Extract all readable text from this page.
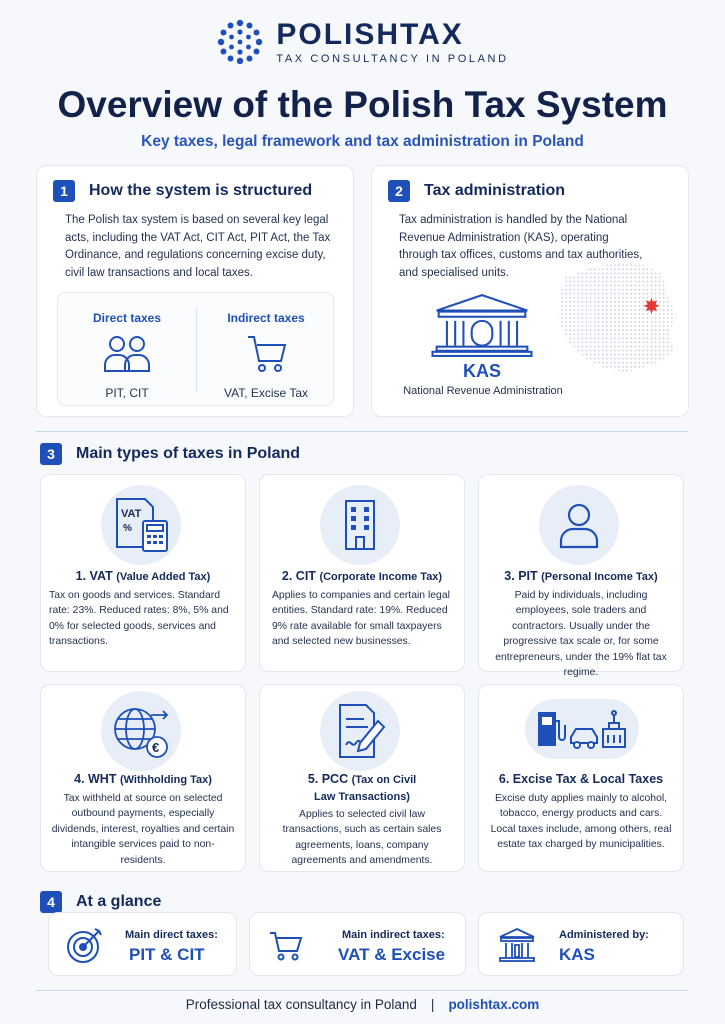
POLISHTAX
TAX CONSULTANCY IN POLAND
Overview of the Polish Tax System
Key taxes, legal framework and tax administration in Poland
1	How the system is structured
The Polish tax system is based on several key legal acts, including the VAT Act, CIT Act, PIT Act, the Tax Ordinance, and regulations concerning excise duty, civil law transactions and local taxes.
Direct taxes
PIT, CIT
Indirect taxes
VAT, Excise Tax
2	Tax administration
Tax administration is handled by the National Revenue Administration (KAS), operating through tax offices, customs and tax authorities, and specialised units.
KAS
National Revenue Administration
3	Main types of taxes in Poland
VAT
%
1. VAT (Value Added Tax)
Tax on goods and services. Standard rate: 23%. Reduced rates: 8%, 5% and 0% for selected goods, services and transactions.
2. CIT (Corporate Income Tax)
Applies to companies and certain legal entities. Standard rate: 19%. Reduced 9% rate available for small taxpayers and selected new businesses.
3. PIT (Personal Income Tax)
Paid by individuals, including employees, sole traders and contractors. Usually under the progressive tax scale or, for some entrepreneurs, under the 19% flat tax regime.
€
4. WHT (Withholding Tax)
Tax withheld at source on selected outbound payments, especially dividends, interest, royalties and certain intangible services paid to non-residents.
5. PCC (Tax on Civil
Law Transactions)
Applies to selected civil law transactions, such as certain sales agreements, loans, company agreements and amendments.
6. Excise Tax & Local Taxes
Excise duty applies mainly to alcohol, tobacco, energy products and cars. Local taxes include, among others, real estate tax charged by municipalities.
4	At a glance
Main direct taxes:
PIT & CIT
Main indirect taxes:
VAT & Excise
Administered by:
KAS
Professional tax consultancy in Poland | polishtax.com
